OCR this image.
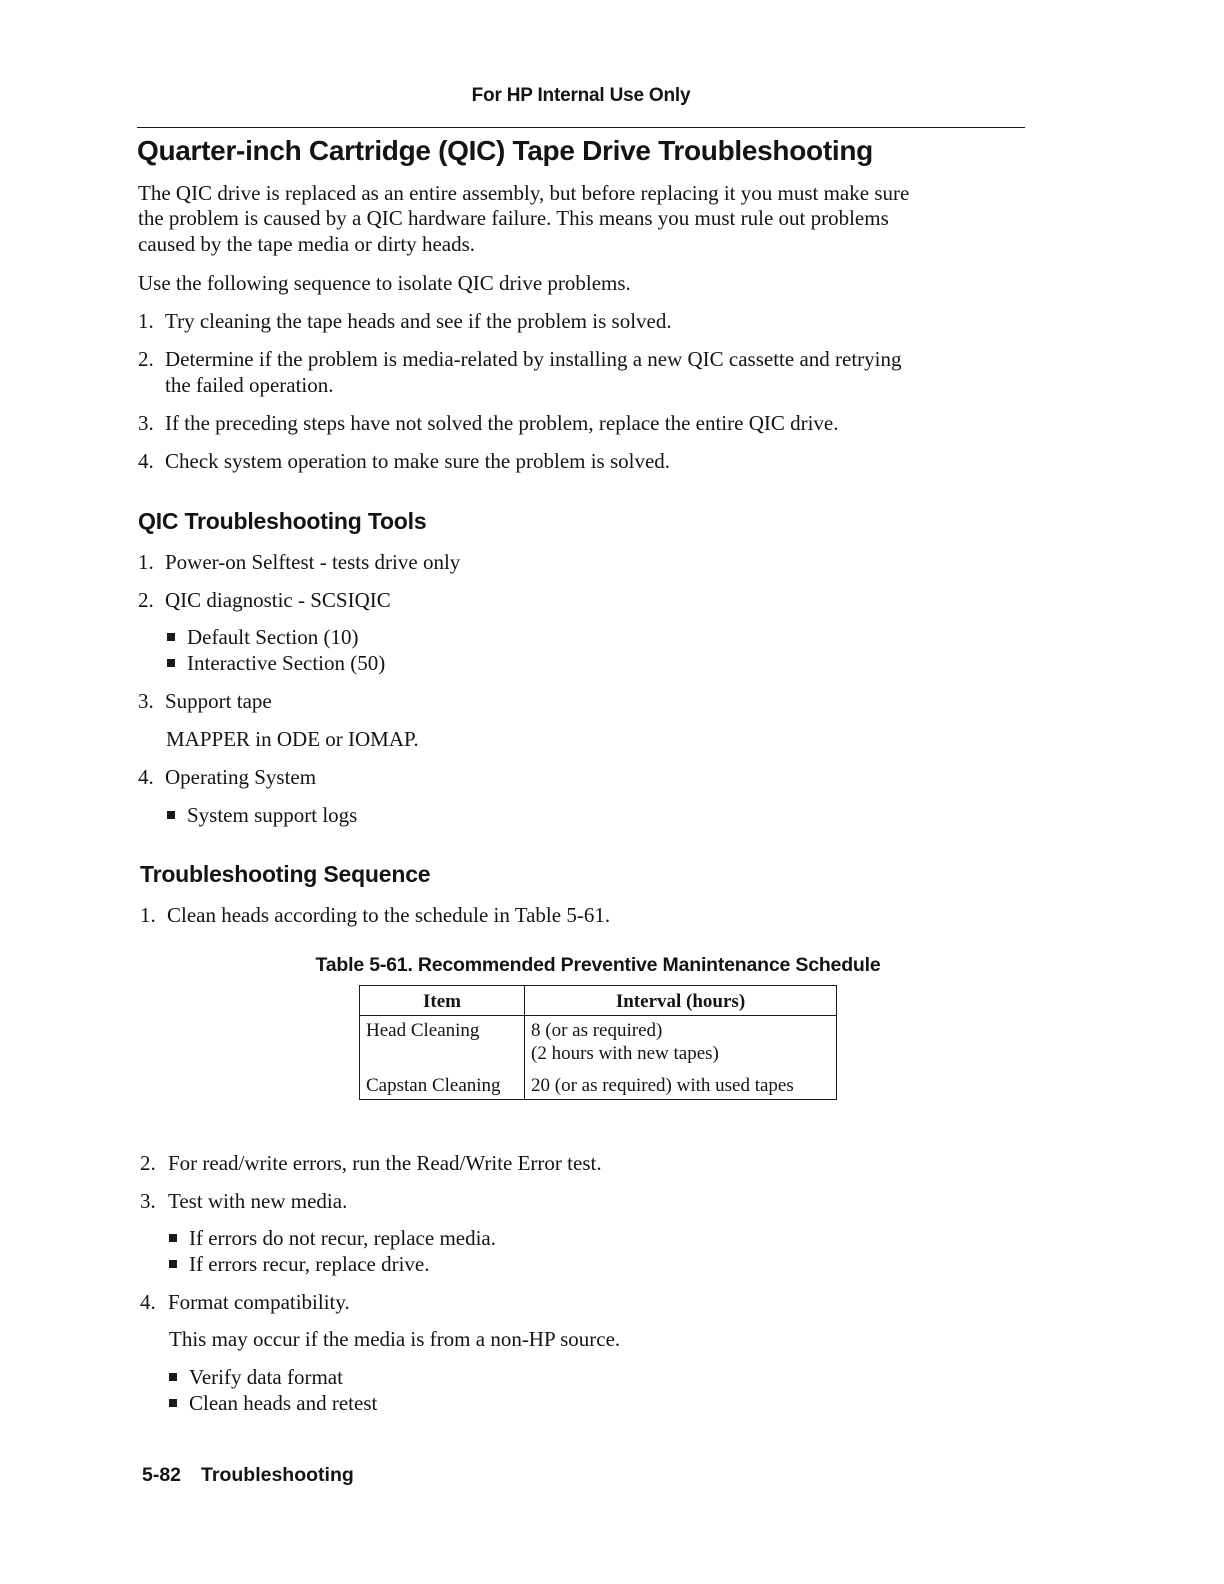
For HP Internal Use Only
Quarter-inch Cartridge (QIC) Tape Drive Troubleshooting
The QIC drive is replaced as an entire assembly, but before replacing it you must make sure
the problem is caused by a QIC hardware failure. This means you must rule out problems
caused by the tape media or dirty heads.
Use the following sequence to isolate QIC drive problems.
1. Try cleaning the tape heads and see if the problem is solved.
2. Determine if the problem is media-related by installing a new QIC cassette and retrying
the failed operation.
3. If the preceding steps have not solved the problem, replace the entire QIC drive.
4. Check system operation to make sure the problem is solved.
QIC Troubleshooting Tools
1. Power-on Selftest - tests drive only
2. QIC diagnostic - SCSIQIC
Default Section (10)
Interactive Section (50)
3. Support tape
MAPPER in ODE or IOMAP.
4. Operating System
System support logs
Troubleshooting Sequence
1. Clean heads according to the schedule in Table 5-61.
Table 5-61. Recommended Preventive Manintenance Schedule
Item	Interval (hours)
Head Cleaning	8 (or as required)
(2 hours with new tapes)

Capstan Cleaning	20 (or as required) with used tapes
2. For read/write errors, run the Read/Write Error test.
3. Test with new media.
If errors do not recur, replace media.
If errors recur, replace drive.
4. Format compatibility.
This may occur if the media is from a non-HP source.
Verify data format
Clean heads and retest
5-82 Troubleshooting
